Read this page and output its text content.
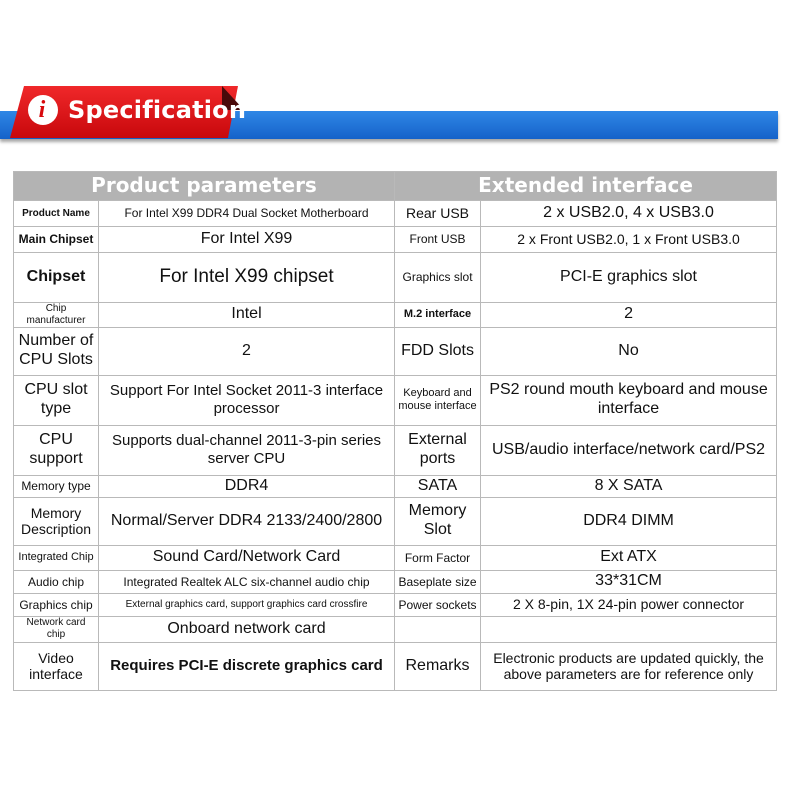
i Specification
Product parameters		Extended interface	
Product Name	For Intel X99 DDR4 Dual Socket Motherboard	Rear USB	2 x USB2.0, 4 x USB3.0
Main Chipset	For Intel X99	Front USB	2 x Front USB2.0, 1 x Front USB3.0
Chipset	For Intel X99 chipset	Graphics slot	PCI-E graphics slot
Chip manufacturer	Intel	M.2 interface	2
Number of CPU Slots	2	FDD Slots	No
CPU slot type	Support For Intel Socket 2011-3 interface processor	Keyboard and mouse interface	PS2 round mouth keyboard and mouse interface
CPU support	Supports dual-channel 2011-3-pin series server CPU	External ports	USB/audio interface/network card/PS2
Memory type	DDR4	SATA	8 X SATA
Memory Description	Normal/Server DDR4 2133/2400/2800	Memory Slot	DDR4 DIMM
Integrated Chip	Sound Card/Network Card	Form Factor	Ext ATX
Audio chip	Integrated Realtek ALC six-channel audio chip	Baseplate size	33*31CM
Graphics chip	External graphics card, support graphics card crossfire	Power sockets	2 X 8-pin, 1X 24-pin power connector
Network card chip	Onboard network card		
Video interface	Requires PCI-E discrete graphics card	Remarks	Electronic products are updated quickly, the above parameters are for reference only
